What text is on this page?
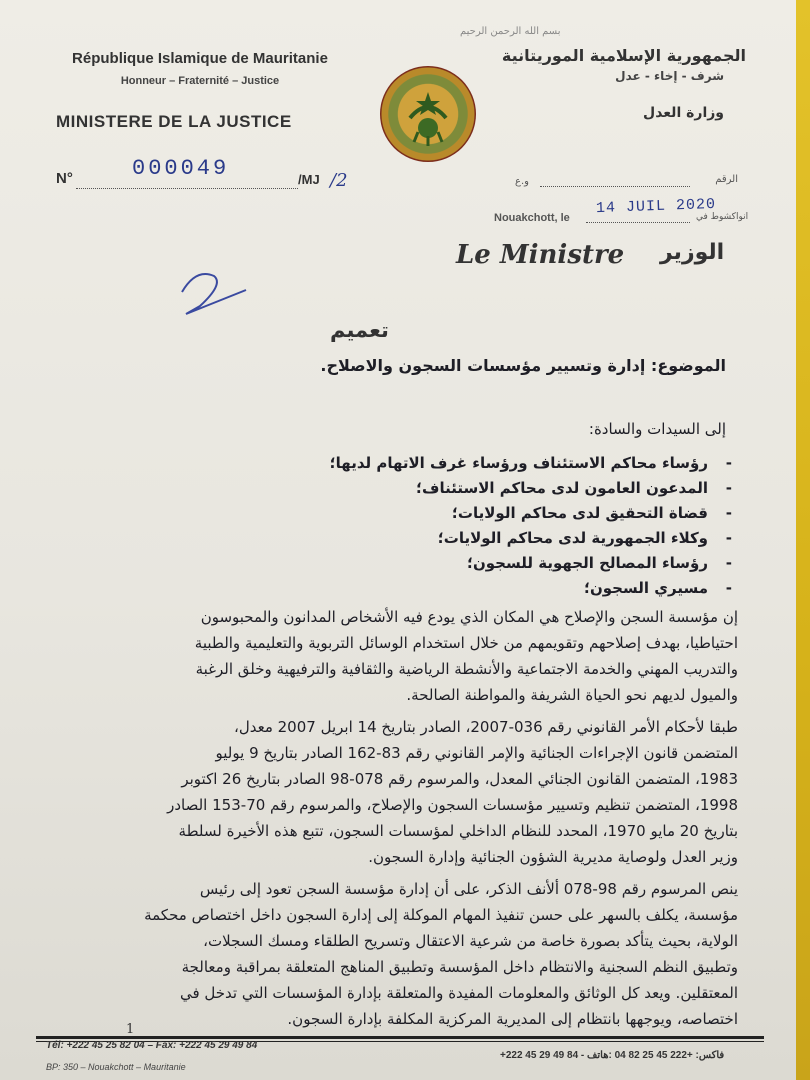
بسم الله الرحمن الرحيم
République Islamique de Mauritanie
Honneur – Fraternité – Justice
MINISTERE DE LA JUSTICE
الجمهورية الإسلامية الموريتانية
شرف - إخاء - عدل
وزارة العدل
N°	000049	/MJ /2	الرقم
و.ع
14 JUIL 2020
Nouakchott, le	انواكشوط في
Le Ministre الوزير
تعميم
الموضوع: إدارة وتسيير مؤسسات السجون والاصلاح.
إلى السيدات والسادة:
-
رؤساء محاكم الاستئناف ورؤساء غرف الاتهام لديها؛
-
المدعون العامون لدى محاكم الاستئناف؛
-
قضاة التحقيق لدى محاكم الولايات؛
-
وكلاء الجمهورية لدى محاكم الولايات؛
-
رؤساء المصالح الجهوية للسجون؛
-
مسيري السجون؛
إن مؤسسة السجن والإصلاح هي المكان الذي يودع فيه الأشخاص المدانون والمحبوسون
احتياطيا، بهدف إصلاحهم وتقويمهم من خلال استخدام الوسائل التربوية والتعليمية والطبية
والتدريب المهني والخدمة الاجتماعية والأنشطة الرياضية والثقافية والترفيهية وخلق الرغبة
والميول لديهم نحو الحياة الشريفة والمواطنة الصالحة.
طبقا لأحكام الأمر القانوني رقم 036-2007، الصادر بتاريخ 14 ابريل 2007 معدل،
المتضمن قانون الإجراءات الجنائية والإمر القانوني رقم 83-162 الصادر بتاريخ 9 يوليو
1983، المتضمن القانون الجنائي المعدل، والمرسوم رقم 078-98 الصادر بتاريخ 26 اكتوبر
1998، المتضمن تنظيم وتسيير مؤسسات السجون والإصلاح، والمرسوم رقم 70-153 الصادر
بتاريخ 20 مايو 1970، المحدد للنظام الداخلي لمؤسسات السجون، تتبع هذه الأخيرة لسلطة
وزير العدل ولوصاية مديرية الشؤون الجنائية وإدارة السجون.
ينص المرسوم رقم 98-078 ألأنف الذكر، على أن إدارة مؤسسة السجن تعود إلى رئيس
مؤسسة، يكلف بالسهر على حسن تنفيذ المهام الموكلة إلى إدارة السجون داخل اختصاص محكمة
الولاية، بحيث يتأكد بصورة خاصة من شرعية الاعتقال وتسريح الطلقاء ومسك السجلات،
وتطبيق النظم السجنية والانتظام داخل المؤسسة وتطبيق المناهج المتعلقة بمراقبة ومعالجة
المعتقلين. ويعد كل الوثائق والمعلومات المفيدة والمتعلقة بإدارة المؤسسات التي تدخل في
اختصاصه، ويوجهها بانتظام إلى المديرية المركزية المكلفة بإدارة السجون.
1
Tél: +222 45 25 82 04 – Fax: +222 45 29 49 84
BP: 350 – Nouakchott – Mauritanie
+222 45 29 49 84 - فاكس: +222 45 25 82 04 :هاتف
